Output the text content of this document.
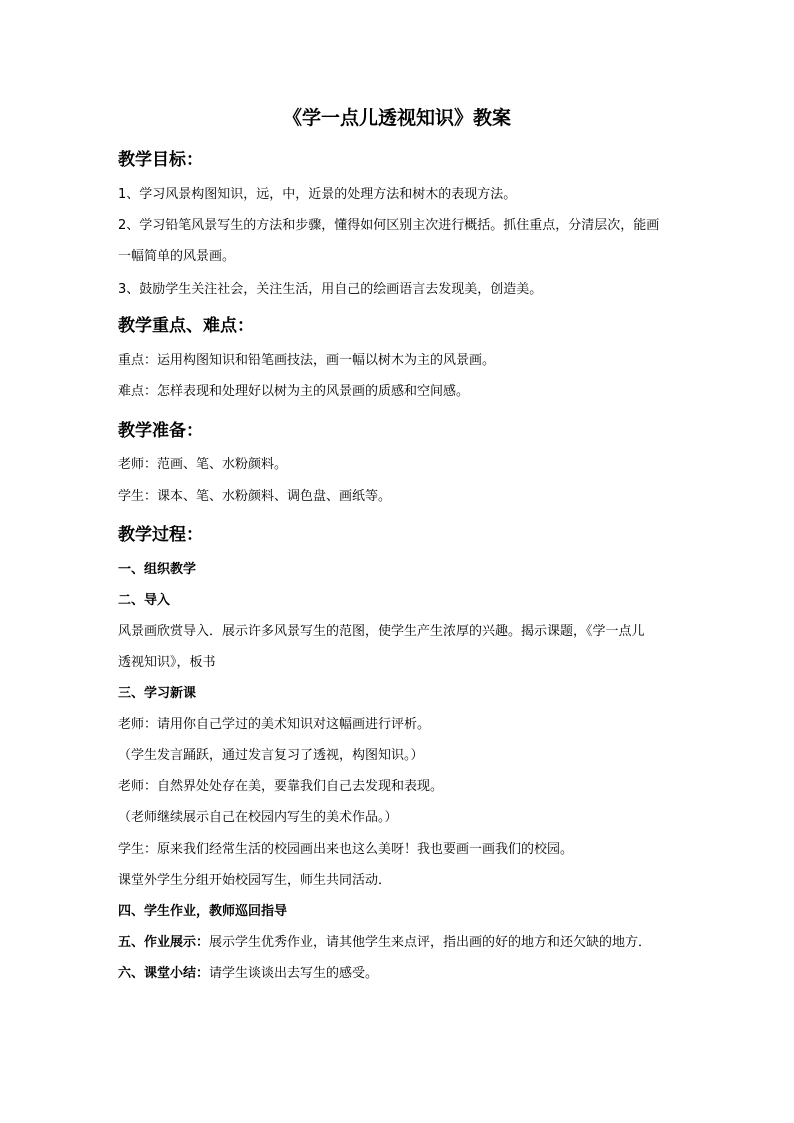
《学一点儿透视知识》教案
教学目标：
1、学习风景构图知识，远，中，近景的处理方法和树木的表现方法。
2、学习铅笔风景写生的方法和步骤，懂得如何区别主次进行概括。抓住重点，分清层次，能画
一幅简单的风景画。
3、鼓励学生关注社会，关注生活，用自己的绘画语言去发现美，创造美。
教学重点、难点：
重点：运用构图知识和铅笔画技法，画一幅以树木为主的风景画。
难点：怎样表现和处理好以树为主的风景画的质感和空间感。
教学准备：
老师：范画、笔、水粉颜料。
学生：课本、笔、水粉颜料、调色盘、画纸等。
教学过程：
一、组织教学
二、导入
风景画欣赏导入．展示许多风景写生的范图，使学生产生浓厚的兴趣。揭示课题，《学一点儿
透视知识》，板书
三、学习新课
老师：请用你自己学过的美术知识对这幅画进行评析。
（学生发言踊跃，通过发言复习了透视，构图知识。）
老师：自然界处处存在美，要靠我们自己去发现和表现。
（老师继续展示自己在校园内写生的美术作品。）
学生：原来我们经常生活的校园画出来也这么美呀！我也要画一画我们的校园。
课堂外学生分组开始校园写生，师生共同活动．
四、学生作业，教师巡回指导
五、作业展示：展示学生优秀作业，请其他学生来点评，指出画的好的地方和还欠缺的地方．
六、课堂小结：请学生谈谈出去写生的感受。
